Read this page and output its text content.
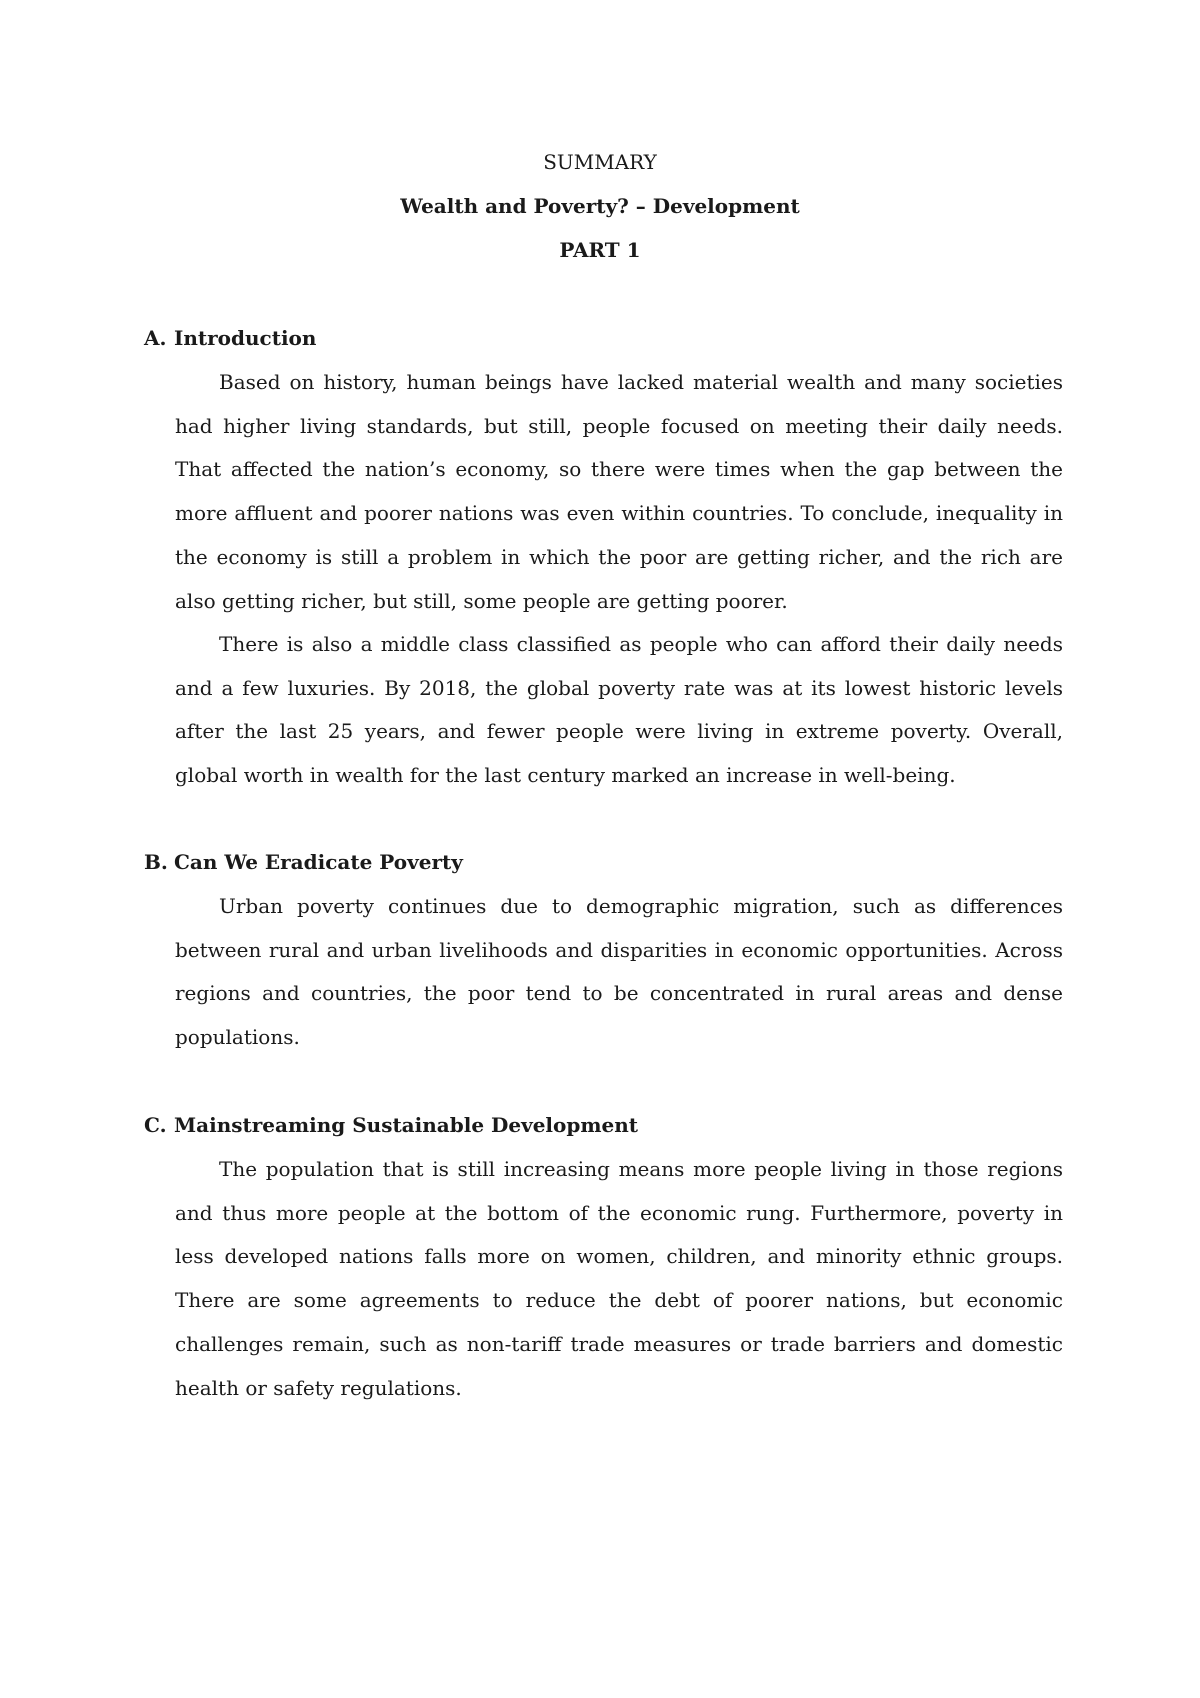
SUMMARY
Wealth and Poverty? – Development
PART 1
A. Introduction

Based on history, human beings have lacked material wealth and many societies had higher living standards, but still, people focused on meeting their daily needs. That affected the nation’s economy, so there were times when the gap between the more affluent and poorer nations was even within countries. To conclude, inequality in the economy is still a problem in which the poor are getting richer, and the rich are also getting richer, but still, some people are getting poorer.

There is also a middle class classified as people who can afford their daily needs and a few luxuries. By 2018, the global poverty rate was at its lowest historic levels after the last 25 years, and fewer people were living in extreme poverty. Overall, global worth in wealth for the last century marked an increase in well-being.

B. Can We Eradicate Poverty

Urban poverty continues due to demographic migration, such as differences between rural and urban livelihoods and disparities in economic opportunities. Across regions and countries, the poor tend to be concentrated in rural areas and dense populations.

C. Mainstreaming Sustainable Development

The population that is still increasing means more people living in those regions and thus more people at the bottom of the economic rung. Furthermore, poverty in less developed nations falls more on women, children, and minority ethnic groups. There are some agreements to reduce the debt of poorer nations, but economic challenges remain, such as non-tariff trade measures or trade barriers and domestic health or safety regulations.
